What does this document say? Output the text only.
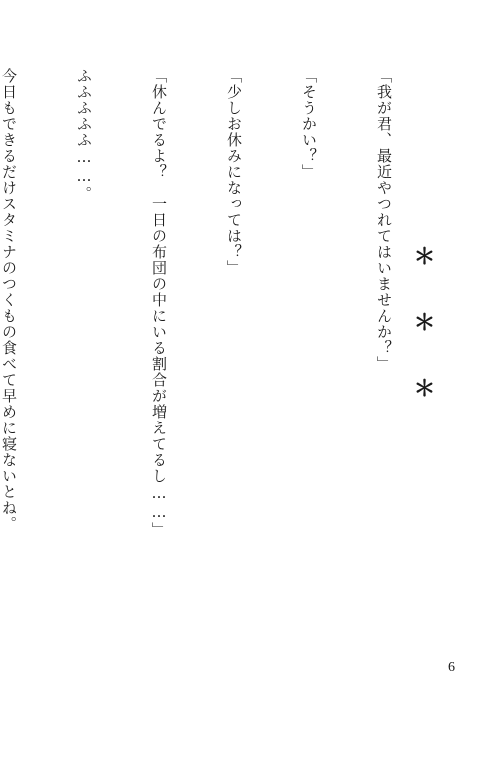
「我が君、最近やつれてはいませんか？」

「そうかい？」

「少しお休みになっては？」

「休んでるよ？　一日の布団の中にいる割合が増えてるし……」

ふふふふふ……。

今日もできるだけスタミナのつくもの食べて早めに寝ないとね。

	＊＊＊
6
